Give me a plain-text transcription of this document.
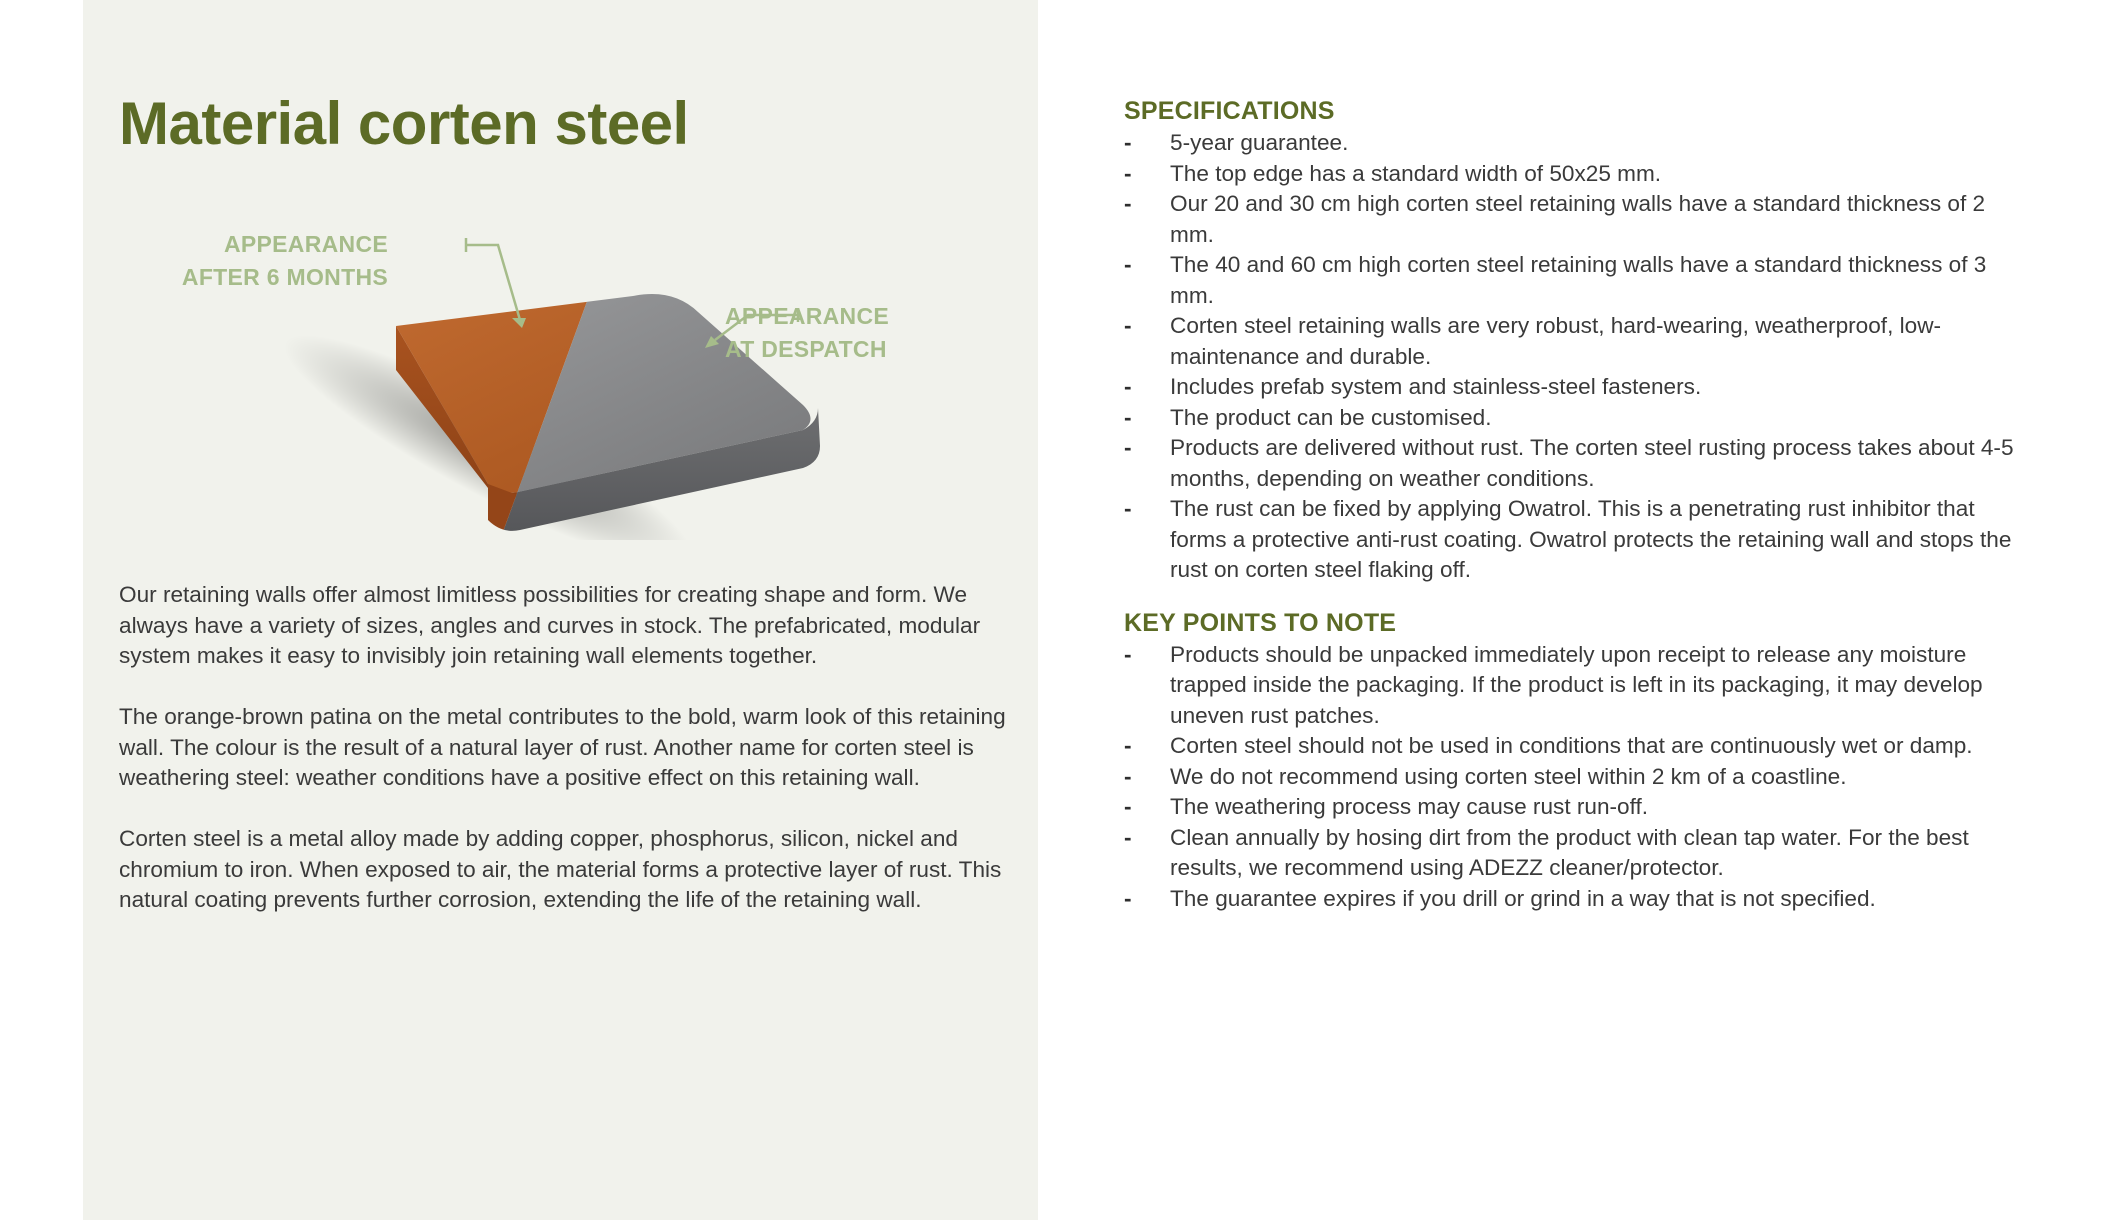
Material corten steel
APPEARANCE
AFTER 6 MONTHS
APPEARANCE
AT DESPATCH

Our retaining walls offer almost limitless possibilities for creating shape and form. We always have a variety of sizes, angles and curves in stock. The prefabricated, modular system makes it easy to invisibly join retaining wall elements together.

The orange-brown patina on the metal contributes to the bold, warm look of this retaining wall. The colour is the result of a natural layer of rust. Another name for corten steel is weathering steel: weather conditions have a positive effect on this retaining wall.

Corten steel is a metal alloy made by adding copper, phosphorus, silicon, nickel and chromium to iron. When exposed to air, the material forms a protective layer of rust. This natural coating prevents further corrosion, extending the life of the retaining wall.

SPECIFICATIONS
- 5-year guarantee.
- The top edge has a standard width of 50x25 mm.
- Our 20 and 30 cm high corten steel retaining walls have a standard thickness of 2 mm.
- The 40 and 60 cm high corten steel retaining walls have a standard thickness of 3 mm.
- Corten steel retaining walls are very robust, hard-wearing, weatherproof, low-maintenance and durable.
- Includes prefab system and stainless-steel fasteners.
- The product can be customised.
- Products are delivered without rust. The corten steel rusting process takes about 4-5 months, depending on weather conditions.
- The rust can be fixed by applying Owatrol. This is a penetrating rust inhibitor that forms a protective anti-rust coating. Owatrol protects the retaining wall and stops the rust on corten steel flaking off.
KEY POINTS TO NOTE
- Products should be unpacked immediately upon receipt to release any moisture trapped inside the packaging. If the product is left in its packaging, it may develop uneven rust patches.
- Corten steel should not be used in conditions that are continuously wet or damp.
- We do not recommend using corten steel within 2 km of a coastline.
- The weathering process may cause rust run-off.
- Clean annually by hosing dirt from the product with clean tap water. For the best results, we recommend using ADEZZ cleaner/protector.
- The guarantee expires if you drill or grind in a way that is not specified.
